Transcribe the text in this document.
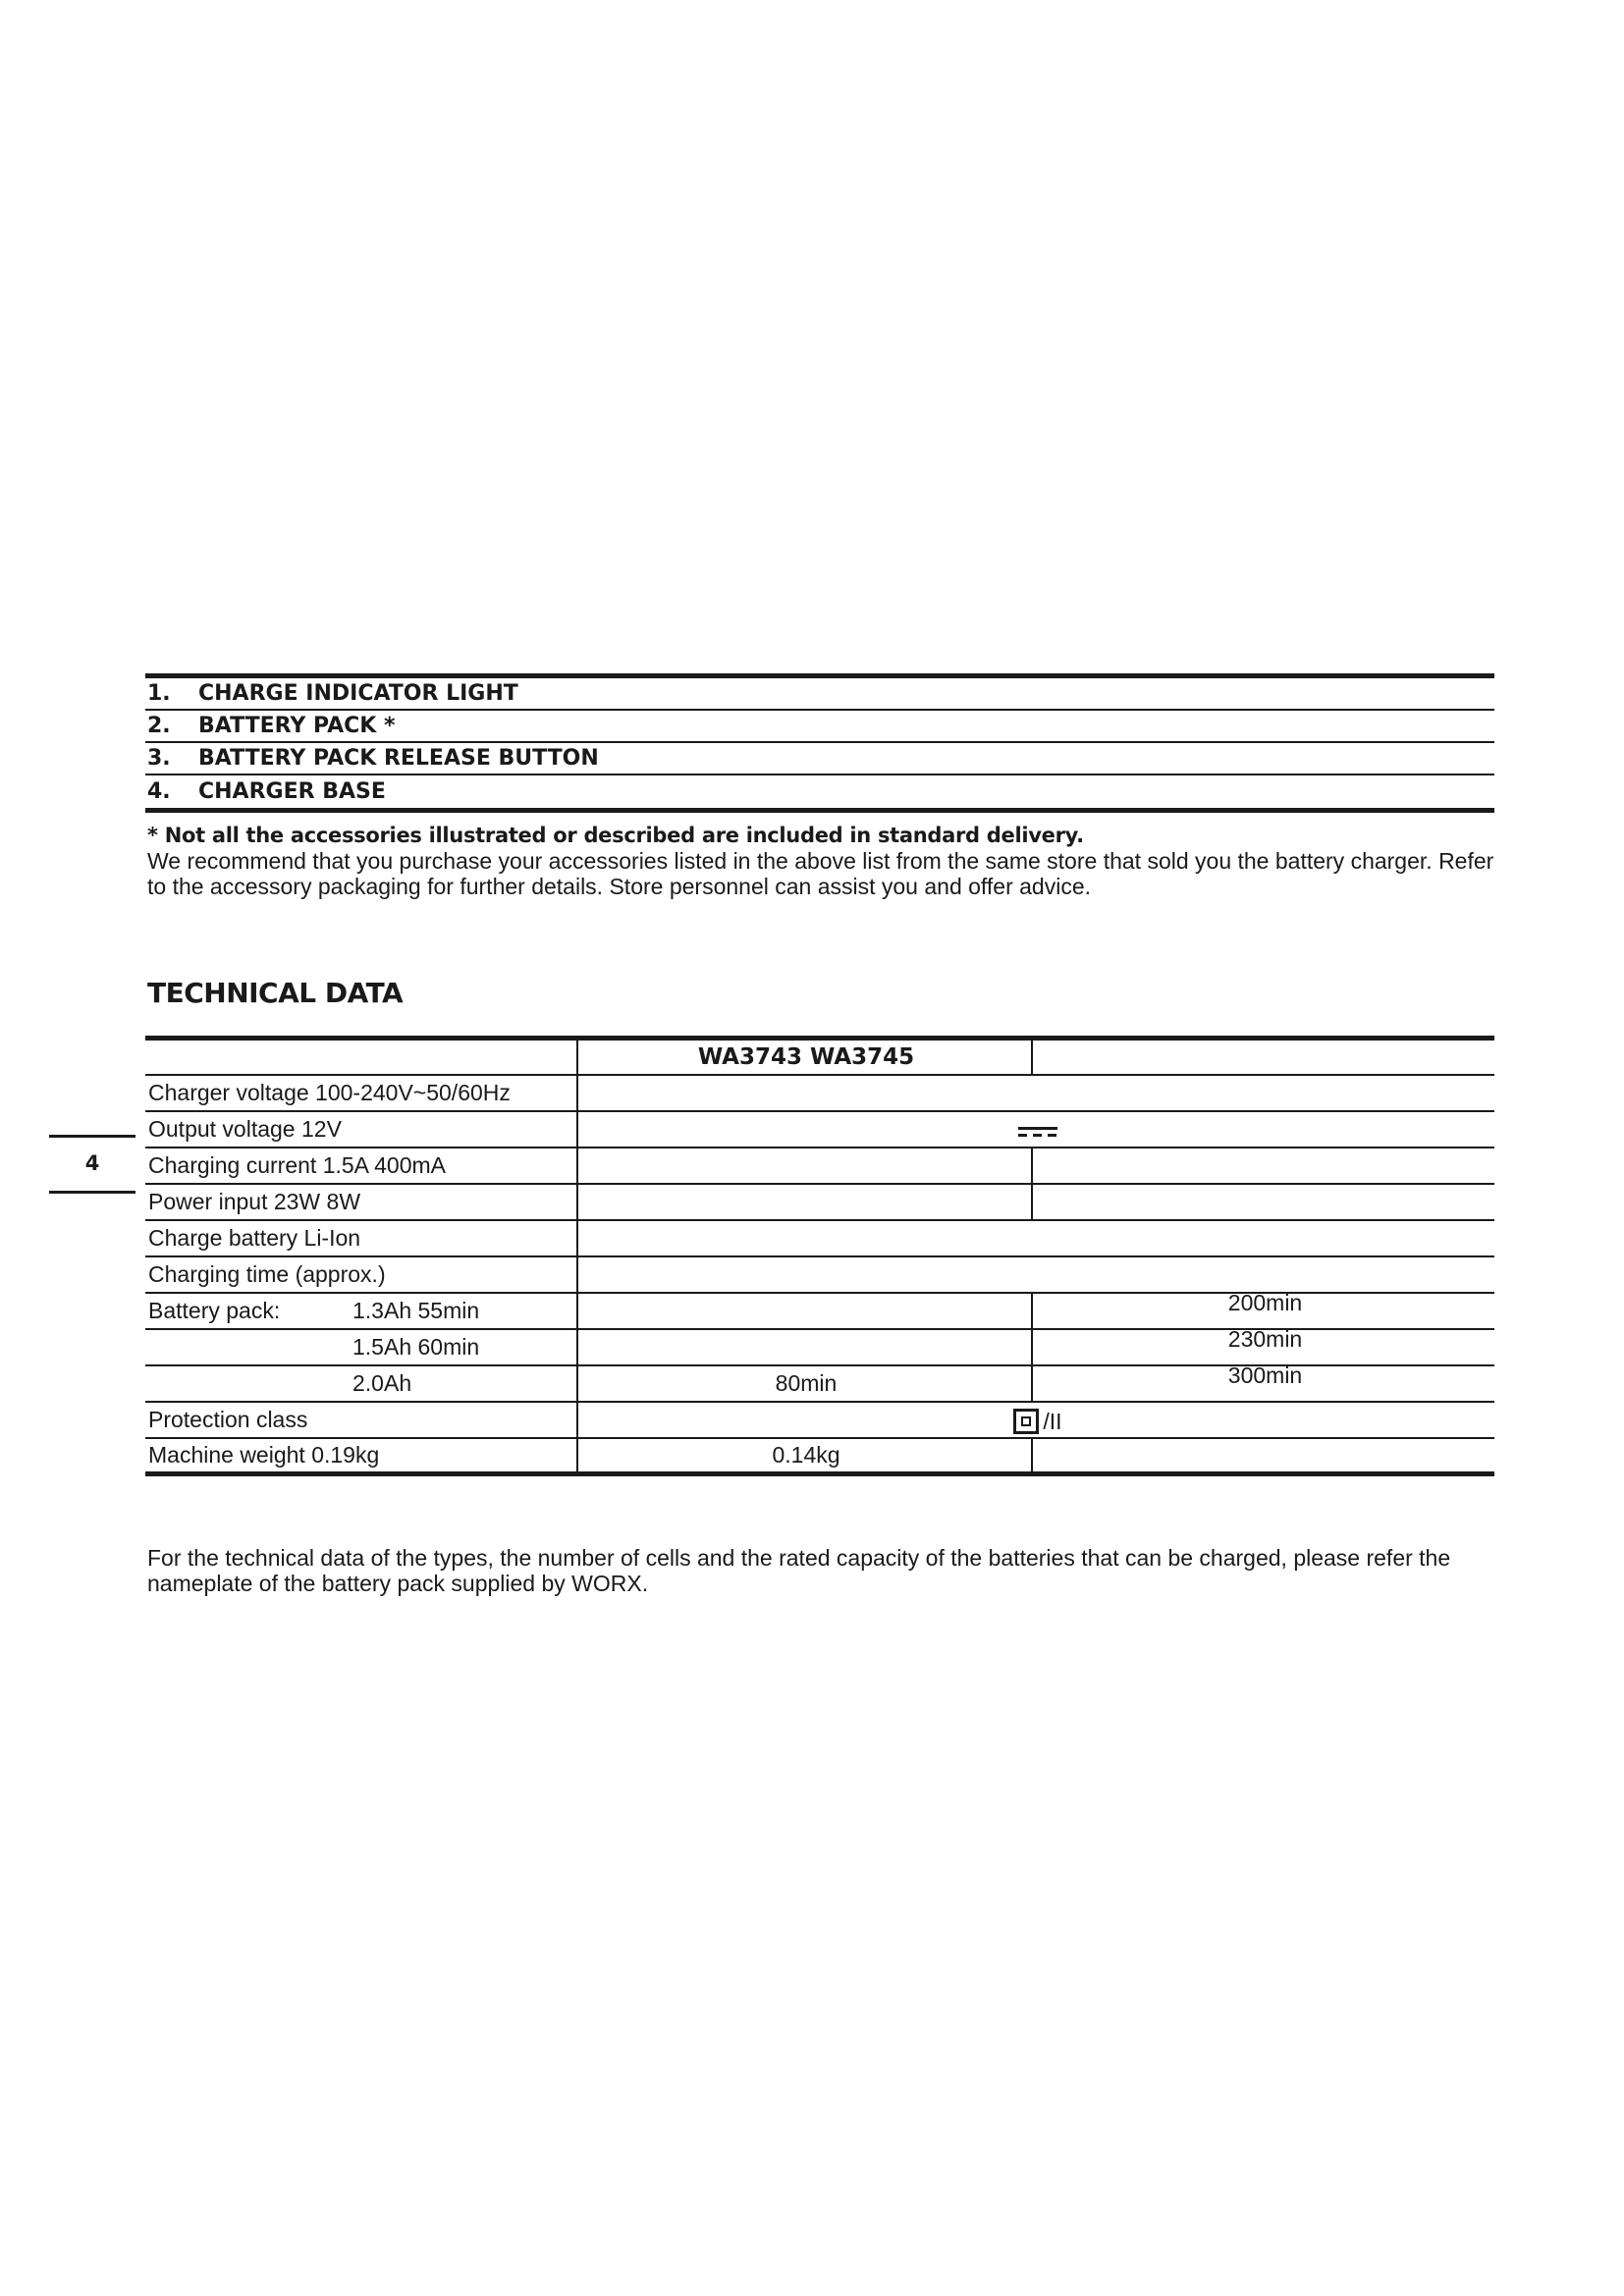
1.	CHARGE INDICATOR LIGHT
2.	BATTERY PACK *
3.	BATTERY PACK RELEASE BUTTON
4.	CHARGER BASE
* Not all the accessories illustrated or described are included in standard delivery.
We recommend that you purchase your accessories listed in the above list from the same store that sold you the battery charger. Refer to the accessory packaging for further details. Store personnel can assist you and offer advice.
TECHNICAL DATA
	WA3743 WA3745	
Charger voltage 100-240V~50/60Hz		
Output voltage 12V		

Charging current 1.5A 400mA		
Power input 23W 8W		
Charge battery Li-Ion		
Charging time (approx.)		
Battery pack: 1.3Ah 55min		200min
1.5Ah 60min		230min
2.0Ah	80min	300min
Protection class	/II	
Machine weight 0.19kg	0.14kg	
For the technical data of the types, the number of cells and the rated capacity of the batteries that can be charged, please refer the nameplate of the battery pack supplied by WORX.
4
